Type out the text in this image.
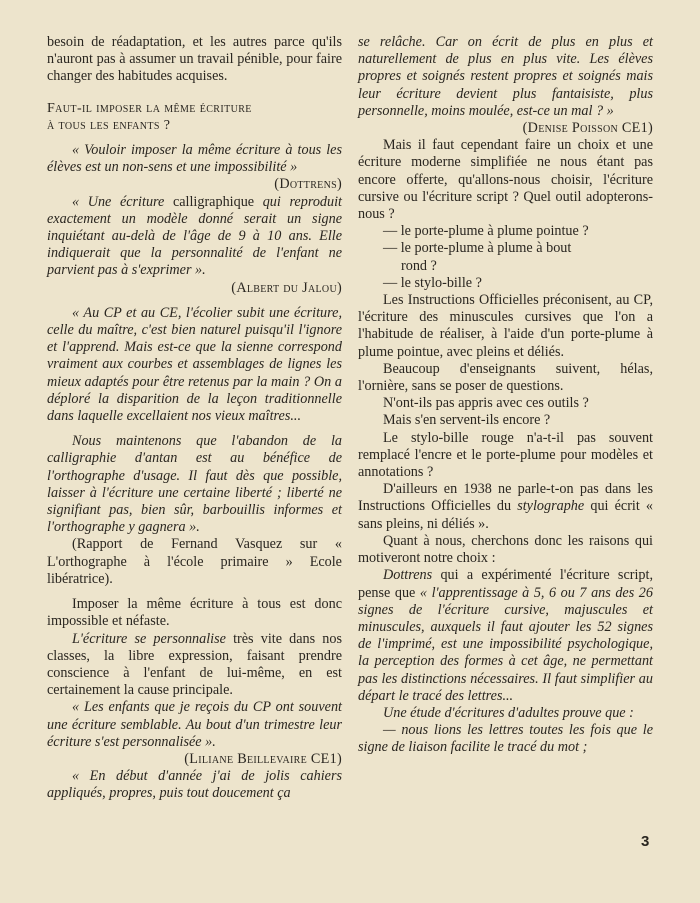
besoin de réadaptation, et les autres parce qu'ils n'auront pas à assumer un travail pénible, pour faire changer des habitudes acquises.

Faut-il imposer la même écriture
à tous les enfants ?

« Vouloir imposer la même écriture à tous les élèves est un non-sens et une impossibilité »

(Dottrens)

« Une écriture calligraphique qui reproduit exactement un modèle donné serait un signe inquiétant au-delà de l'âge de 9 à 10 ans. Elle indiquerait que la personnalité de l'enfant ne parvient pas à s'exprimer ».

(Albert du Jalou)

« Au CP et au CE, l'écolier subit une écriture, celle du maître, c'est bien naturel puisqu'il l'ignore et l'apprend. Mais est-ce que la sienne correspond vraiment aux courbes et assemblages de lignes les mieux adaptés pour être retenus par la main ? On a déploré la disparition de la leçon traditionnelle dans laquelle excellaient nos vieux maîtres...

Nous maintenons que l'abandon de la calligraphie d'antan est au bénéfice de l'orthographe d'usage. Il faut dès que possible, laisser à l'écriture une certaine liberté ; liberté ne signifiant pas, bien sûr, barbouillis informes et l'orthographe y gagnera ».

(Rapport de Fernand Vasquez sur « L'orthographe à l'école primaire » Ecole libératrice).

Imposer la même écriture à tous est donc impossible et néfaste.

L'écriture se personnalise très vite dans nos classes, la libre expression, faisant prendre conscience à l'enfant de lui-même, en est certainement la cause principale.

« Les enfants que je reçois du CP ont souvent une écriture semblable. Au bout d'un trimestre leur écriture s'est personnalisée ».

(Liliane Beillevaire CE1)

« En début d'année j'ai de jolis cahiers appliqués, propres, puis tout doucement ça

se relâche. Car on écrit de plus en plus et naturellement de plus en plus vite. Les élèves propres et soignés restent propres et soignés mais leur écriture devient plus fantaisiste, plus personnelle, moins moulée, est-ce un mal ? »

(Denise Poisson CE1)

Mais il faut cependant faire un choix et une écriture moderne simplifiée ne nous étant pas encore offerte, qu'allons-nous choisir, l'écriture cursive ou l'écriture script ? Quel outil adopterons-nous ?

— le porte-plume à plume pointue ?

— le porte-plume à plume à bout

rond ?

— le stylo-bille ?

Les Instructions Officielles préconisent, au CP, l'écriture des minuscules cursives que l'on a l'habitude de réaliser, à l'aide d'un porte-plume à plume pointue, avec pleins et déliés.

Beaucoup d'enseignants suivent, hélas, l'ornière, sans se poser de questions.

N'ont-ils pas appris avec ces outils ?

Mais s'en servent-ils encore ?

Le stylo-bille rouge n'a-t-il pas souvent remplacé l'encre et le porte-plume pour modèles et annotations ?

D'ailleurs en 1938 ne parle-t-on pas dans les Instructions Officielles du stylographe qui écrit « sans pleins, ni déliés ».

Quant à nous, cherchons donc les raisons qui motiveront notre choix :

Dottrens qui a expérimenté l'écriture script, pense que « l'apprentissage à 5, 6 ou 7 ans des 26 signes de l'écriture cursive, majuscules et minuscules, auxquels il faut ajouter les 52 signes de l'imprimé, est une impossibilité psychologique, la perception des formes à cet âge, ne permettant pas les distinctions nécessaires. Il faut simplifier au départ le tracé des lettres...

Une étude d'écritures d'adultes prouve que :

— nous lions les lettres toutes les fois que le signe de liaison facilite le tracé du mot ;

3
